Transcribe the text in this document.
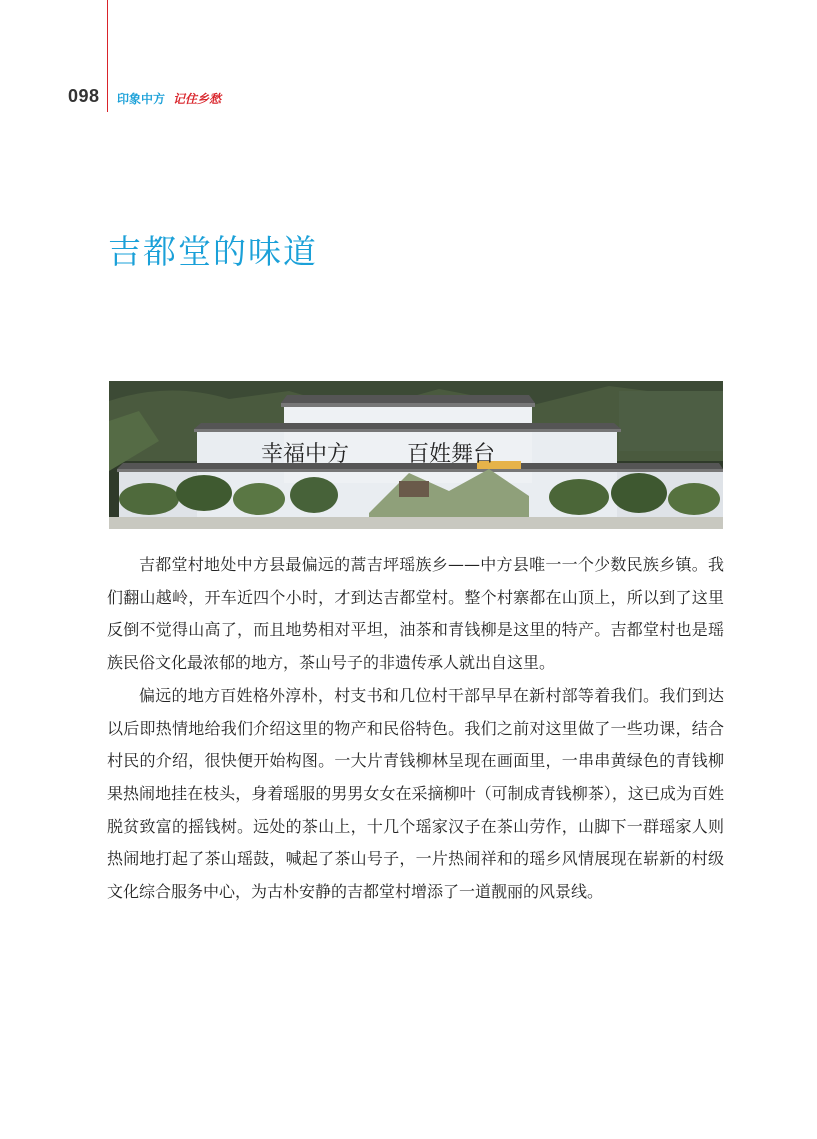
098 印象中方 记住乡愁
吉都堂的味道
幸福中方	百姓舞台

吉都堂村地处中方县最偏远的蒿吉坪瑶族乡——中方县唯一一个少数民族乡镇。我们翻山越岭，开车近四个小时，才到达吉都堂村。整个村寨都在山顶上，所以到了这里反倒不觉得山高了，而且地势相对平坦，油茶和青钱柳是这里的特产。吉都堂村也是瑶族民俗文化最浓郁的地方，茶山号子的非遗传承人就出自这里。

偏远的地方百姓格外淳朴，村支书和几位村干部早早在新村部等着我们。我们到达以后即热情地给我们介绍这里的物产和民俗特色。我们之前对这里做了一些功课，结合村民的介绍，很快便开始构图。一大片青钱柳林呈现在画面里，一串串黄绿色的青钱柳果热闹地挂在枝头，身着瑶服的男男女女在采摘柳叶（可制成青钱柳茶），这已成为百姓脱贫致富的摇钱树。远处的茶山上，十几个瑶家汉子在茶山劳作，山脚下一群瑶家人则热闹地打起了茶山瑶鼓，喊起了茶山号子，一片热闹祥和的瑶乡风情展现在崭新的村级文化综合服务中心，为古朴安静的吉都堂村增添了一道靓丽的风景线。
